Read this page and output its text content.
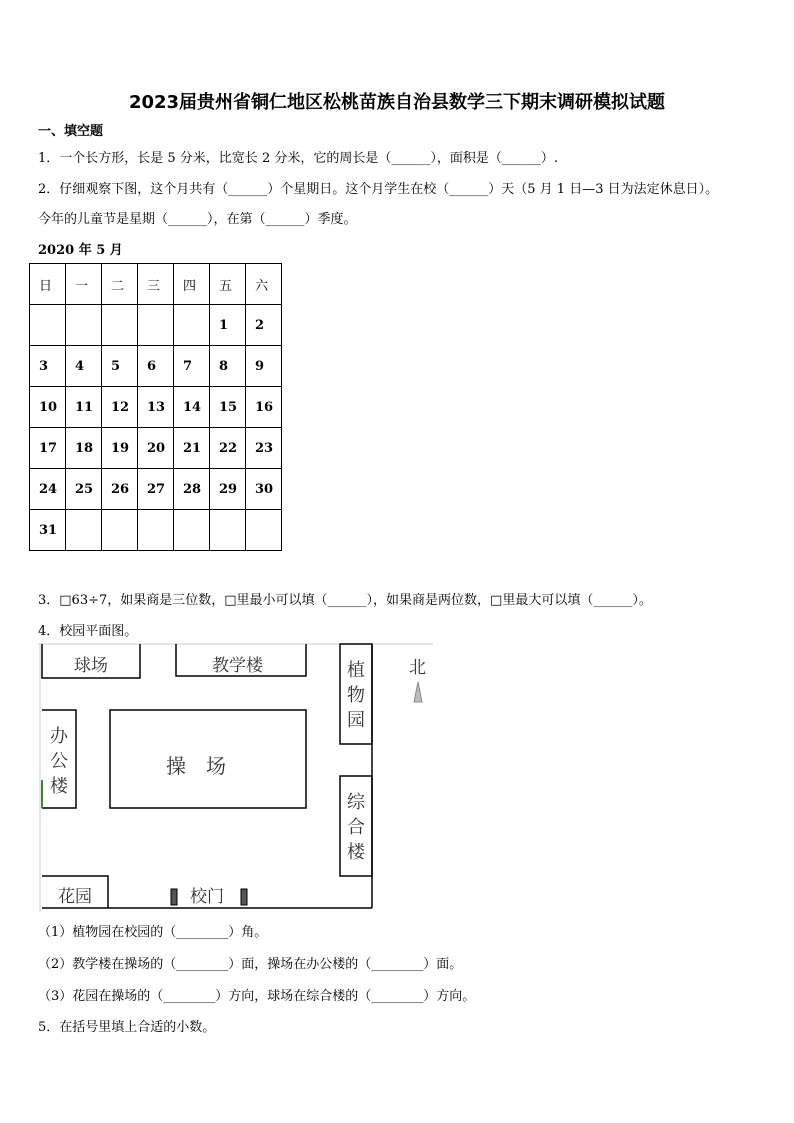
2023届贵州省铜仁地区松桃苗族自治县数学三下期末调研模拟试题
一、填空题
1．一个长方形，长是 5 分米，比宽长 2 分米，它的周长是（______），面积是（______）.
2．仔细观察下图，这个月共有（______）个星期日。这个月学生在校（______）天（5 月 1 日—3 日为法定休息日）。
今年的儿童节是星期（______），在第（______）季度。
2020 年 5 月
日	一	二	三	四	五	六
					1	2
3	4	5	6	7	8	9
10	11	12	13	14	15	16
17	18	19	20	21	22	23
24	25	26	27	28	29	30
31						
3．□63÷7，如果商是三位数，□里最小可以填（______），如果商是两位数，□里最大可以填（______）。
4．校园平面图。
球场	教学楼	植
物
园
北
办
公
楼
操　场
综
合
楼
花园	校门
（1）植物园在校园的（________）角。
（2）教学楼在操场的（________）面，操场在办公楼的（________）面。
（3）花园在操场的（________）方向，球场在综合楼的（________）方向。
5．在括号里填上合适的小数。
